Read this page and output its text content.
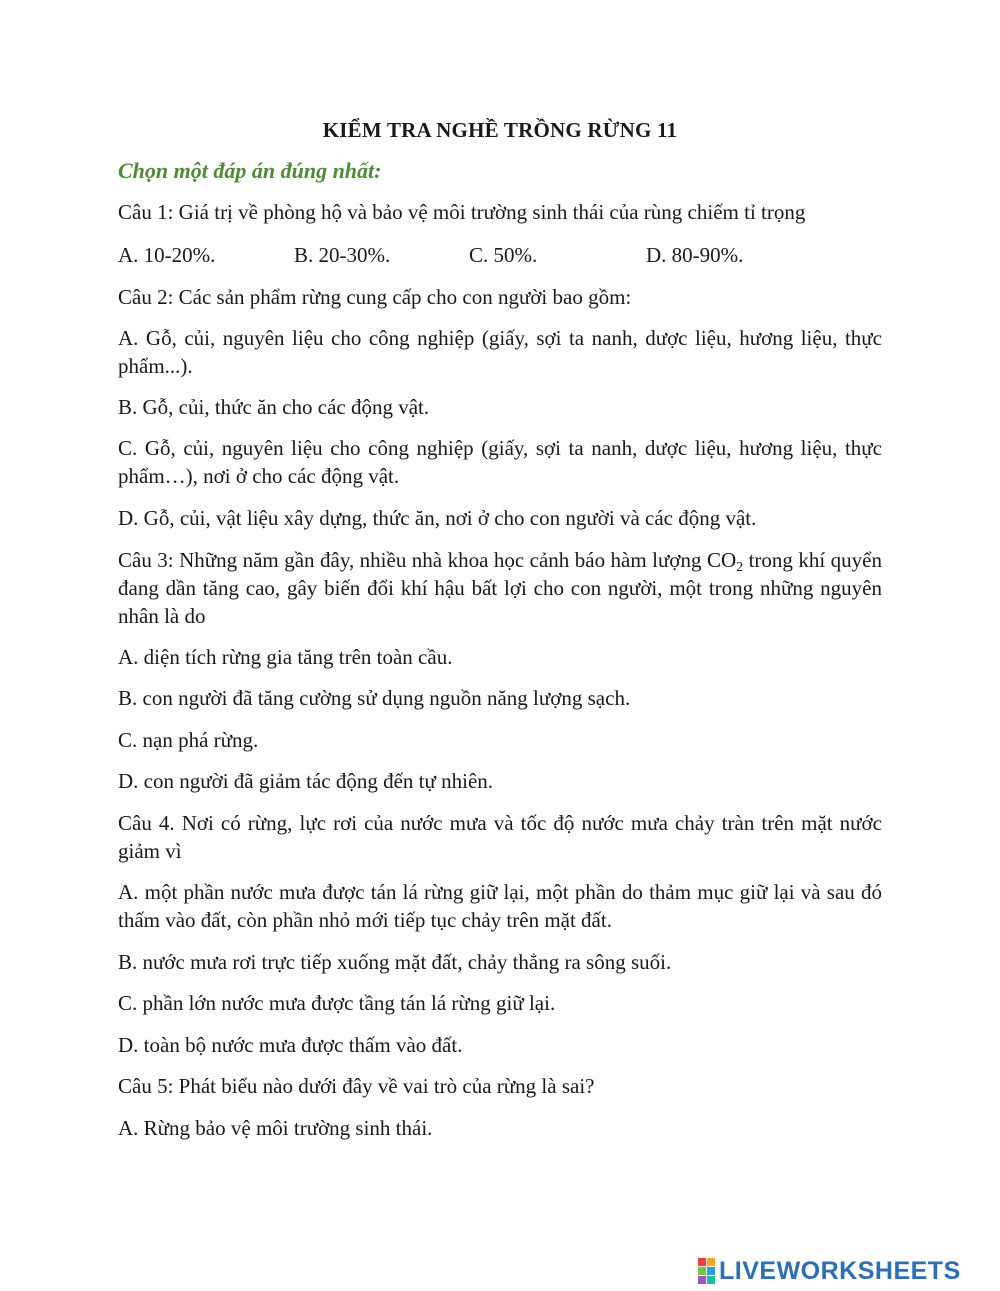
KIỂM TRA NGHỀ TRỒNG RỪNG 11
Chọn một đáp án đúng nhất:
Câu 1: Giá trị về phòng hộ và bảo vệ môi trường sinh thái của rùng chiếm tỉ trọng
A. 10-20%.	B. 20-30%.	C. 50%.	D. 80-90%.
Câu 2: Các sản phẩm rừng cung cấp cho con người bao gồm:
A. Gỗ, củi, nguyên liệu cho công nghiệp (giấy, sợi ta nanh, dược liệu, hương liệu, thực phẩm...).
B. Gỗ, củi, thức ăn cho các động vật.
C. Gỗ, củi, nguyên liệu cho công nghiệp (giấy, sợi ta nanh, dược liệu, hương liệu, thực phẩm…), nơi ở cho các động vật.
D. Gỗ, củi, vật liệu xây dựng, thức ăn, nơi ở cho con người và các động vật.
Câu 3: Những năm gần đây, nhiều nhà khoa học cảnh báo hàm lượng $CO_2$ trong khí quyển đang dần tăng cao, gây biến đổi khí hậu bất lợi cho con người, một trong những nguyên nhân là do
A. diện tích rừng gia tăng trên toàn cầu.
B. con người đã tăng cường sử dụng nguồn năng lượng sạch.
C. nạn phá rừng.
D. con người đã giảm tác động đến tự nhiên.
Câu 4. Nơi có rừng, lực rơi của nước mưa và tốc độ nước mưa chảy tràn trên mặt nước giảm vì
A. một phần nước mưa được tán lá rừng giữ lại, một phần do thảm mục giữ lại và sau đó thấm vào đất, còn phần nhỏ mới tiếp tục chảy trên mặt đất.
B. nước mưa rơi trực tiếp xuống mặt đất, chảy thẳng ra sông suối.
C. phần lớn nước mưa được tầng tán lá rừng giữ lại.
D. toàn bộ nước mưa được thấm vào đất.
Câu 5: Phát biểu nào dưới đây về vai trò của rừng là sai?
A. Rừng bảo vệ môi trường sinh thái.
LIVEWORKSHEETS
